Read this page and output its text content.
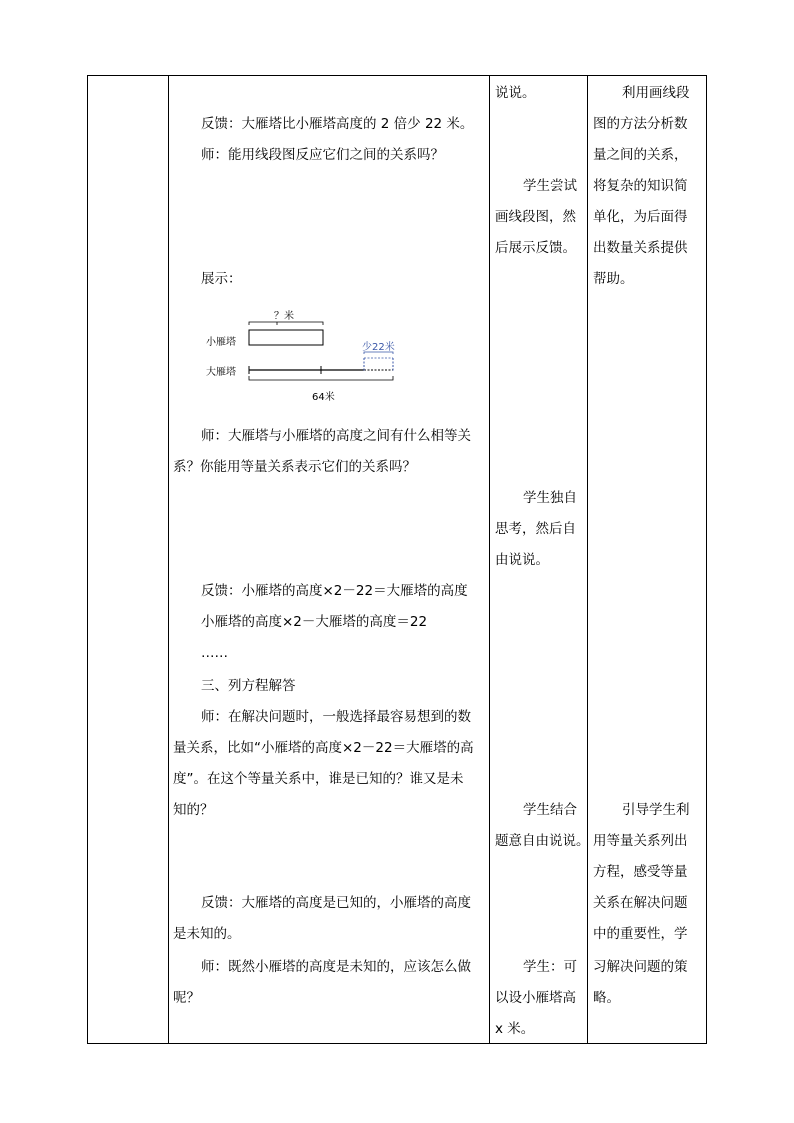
反馈：大雁塔比小雁塔高度的 2 倍少 22 米。
师：能用线段图反应它们之间的关系吗？
展示：
？米
小雁塔	少22米
大雁塔
64米
师：大雁塔与小雁塔的高度之间有什么相等关
系？你能用等量关系表示它们的关系吗？
反馈：小雁塔的高度×2－22＝大雁塔的高度
小雁塔的高度×2－大雁塔的高度＝22
……
三、列方程解答
师：在解决问题时，一般选择最容易想到的数
量关系，比如“小雁塔的高度×2－22＝大雁塔的高
度”。在这个等量关系中，谁是已知的？谁又是未
知的？
反馈：大雁塔的高度是已知的，小雁塔的高度
是未知的。
师：既然小雁塔的高度是未知的，应该怎么做
呢？
说说。
学生尝试
画线段图，然
后展示反馈。
学生独自
思考，然后自
由说说。
学生结合
题意自由说说。
学生：可
以设小雁塔高
x 米。
利用画线段
图的方法分析数
量之间的关系，
将复杂的知识简
单化，为后面得
出数量关系提供
帮助。
引导学生利
用等量关系列出
方程，感受等量
关系在解决问题
中的重要性，学
习解决问题的策
略。
